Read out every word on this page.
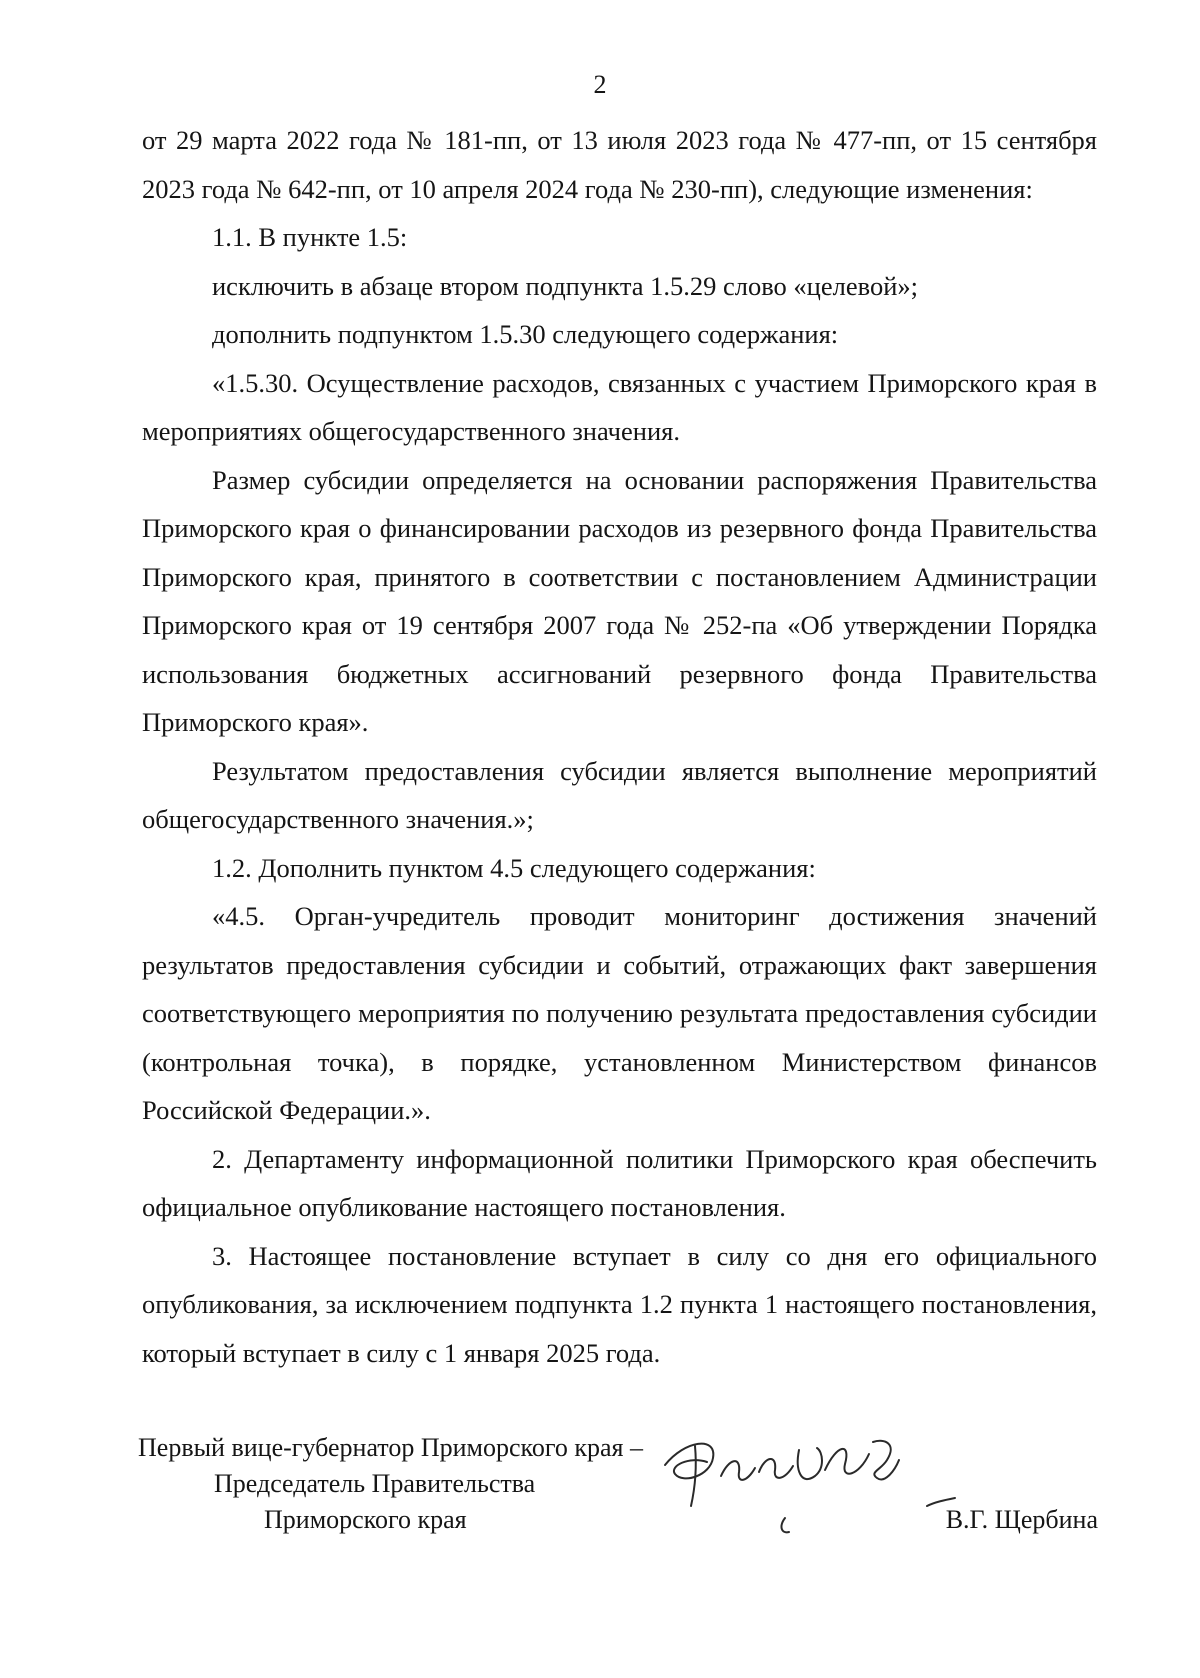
2

от 29 марта 2022 года № 181-пп, от 13 июля 2023 года № 477-пп, от 15 сентября 2023 года № 642-пп, от 10 апреля 2024 года № 230-пп), следующие изменения:

1.1. В пункте 1.5:

исключить в абзаце втором подпункта 1.5.29 слово «целевой»;

дополнить подпунктом 1.5.30 следующего содержания:

«1.5.30. Осуществление расходов, связанных с участием Приморского края в мероприятиях общегосударственного значения.

Размер субсидии определяется на основании распоряжения Правительства Приморского края о финансировании расходов из резервного фонда Правительства Приморского края, принятого в соответствии с постановлением Администрации Приморского края от 19 сентября 2007 года № 252-па «Об утверждении Порядка использования бюджетных ассигнований резервного фонда Правительства Приморского края».

Результатом предоставления субсидии является выполнение мероприятий общегосударственного значения.»;

1.2. Дополнить пунктом 4.5 следующего содержания:

«4.5. Орган-учредитель проводит мониторинг достижения значений результатов предоставления субсидии и событий, отражающих факт завершения соответствующего мероприятия по получению результата предоставления субсидии (контрольная точка), в порядке, установленном Министерством финансов Российской Федерации.».

2. Департаменту информационной политики Приморского края обеспечить официальное опубликование настоящего постановления.

3. Настоящее постановление вступает в силу со дня его официального опубликования, за исключением подпункта 1.2 пункта 1 настоящего постановления, который вступает в силу с 1 января 2025 года.

Первый вице-губернатор Приморского края –
Председатель Правительства
Приморского края	В.Г. Щербина
